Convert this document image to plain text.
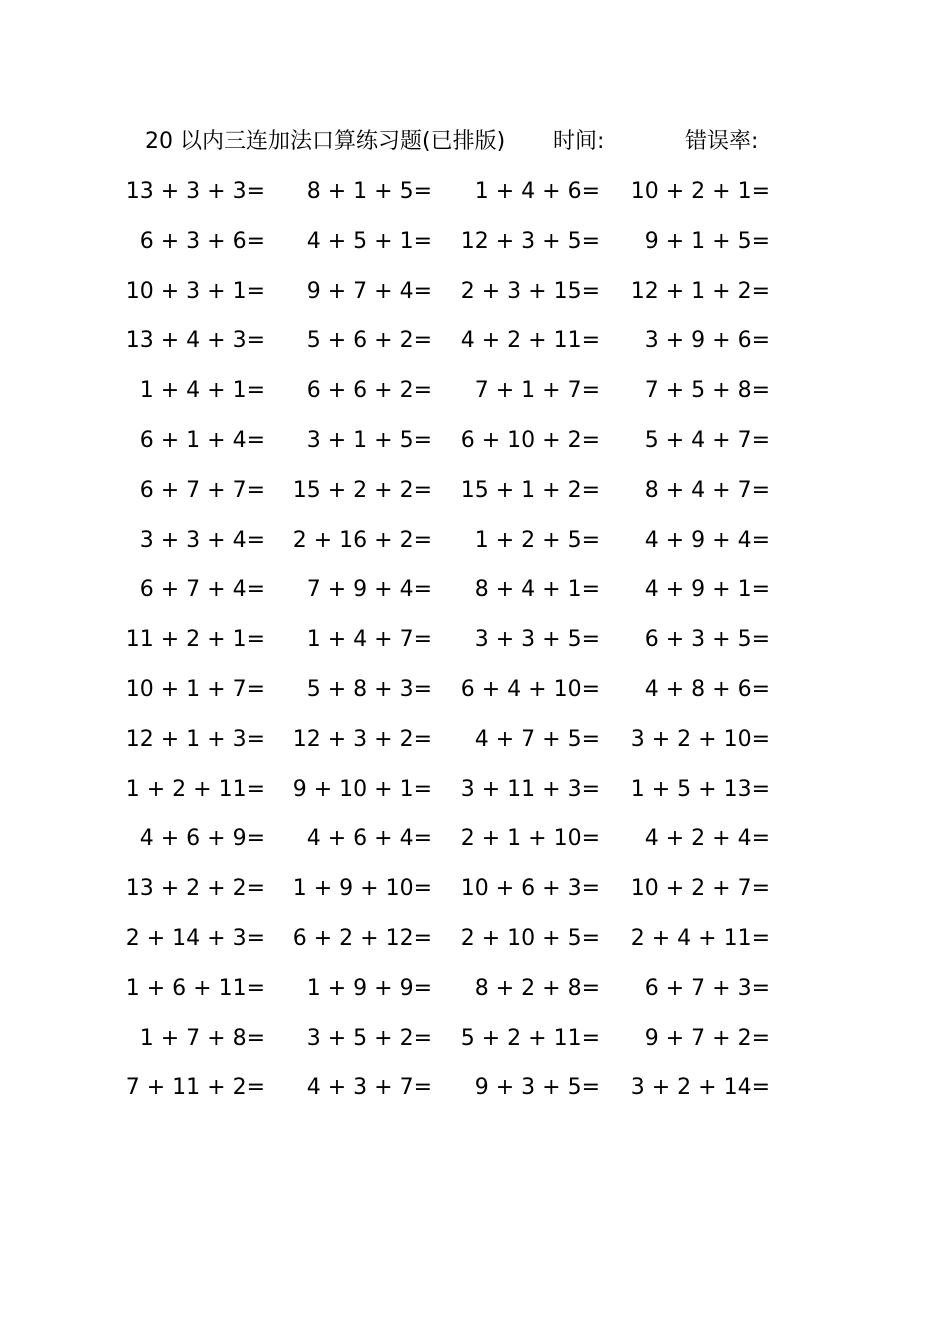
20 以内三连加法口算练习题(已排版) 时间:	错误率:
13 + 3 + 3=	8 + 1 + 5=	1 + 4 + 6= 10 + 2 + 1=
6 + 3 + 6=	4 + 5 + 1= 12 + 3 + 5=	9 + 1 + 5=
10 + 3 + 1=	9 + 7 + 4= 2 + 3 + 15= 12 + 1 + 2=
13 + 4 + 3=	5 + 6 + 2= 4 + 2 + 11=	3 + 9 + 6=
1 + 4 + 1=	6 + 6 + 2=	7 + 1 + 7=	7 + 5 + 8=
6 + 1 + 4=	3 + 1 + 5= 6 + 10 + 2=	5 + 4 + 7=
6 + 7 + 7= 15 + 2 + 2= 15 + 1 + 2=	8 + 4 + 7=
3 + 3 + 4= 2 + 16 + 2=	1 + 2 + 5=	4 + 9 + 4=
6 + 7 + 4=	7 + 9 + 4=	8 + 4 + 1=	4 + 9 + 1=
11 + 2 + 1=	1 + 4 + 7=	3 + 3 + 5=	6 + 3 + 5=
10 + 1 + 7=	5 + 8 + 3= 6 + 4 + 10=	4 + 8 + 6=
12 + 1 + 3= 12 + 3 + 2=	4 + 7 + 5= 3 + 2 + 10=
1 + 2 + 11= 9 + 10 + 1= 3 + 11 + 3= 1 + 5 + 13=
4 + 6 + 9=	4 + 6 + 4= 2 + 1 + 10=	4 + 2 + 4=
13 + 2 + 2= 1 + 9 + 10= 10 + 6 + 3= 10 + 2 + 7=
2 + 14 + 3= 6 + 2 + 12= 2 + 10 + 5= 2 + 4 + 11=
1 + 6 + 11=	1 + 9 + 9=	8 + 2 + 8=	6 + 7 + 3=
1 + 7 + 8=	3 + 5 + 2= 5 + 2 + 11=	9 + 7 + 2=
7 + 11 + 2=	4 + 3 + 7=	9 + 3 + 5= 3 + 2 + 14=
